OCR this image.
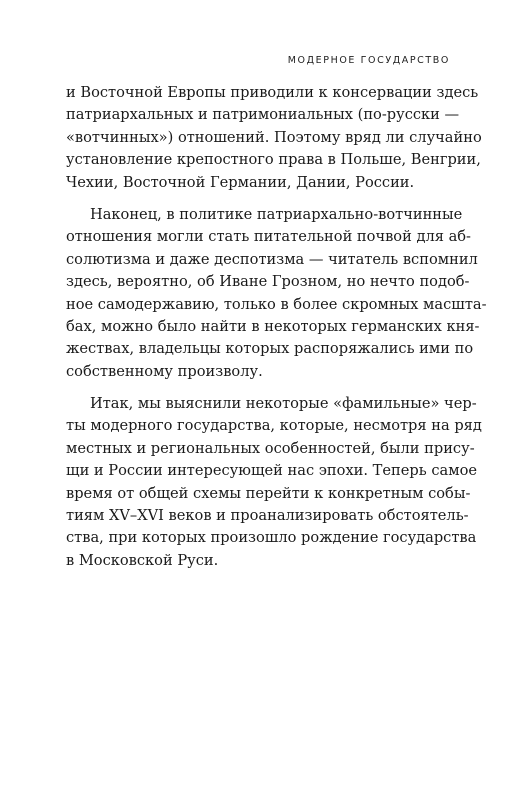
МОДЕРНОЕ ГОСУДАРСТВО
и Восточной Европы приводили к консервации здесь
патриархальных и патримониальных (по-русски —
«вотчинных») отношений. Поэтому вряд ли случайно
установление крепостного права в Польше, Венгрии,
Чехии, Восточной Германии, Дании, России.
Наконец, в политике патриархально-вотчинные
отношения могли стать питательной почвой для аб-
солютизма и даже деспотизма — читатель вспомнил
здесь, вероятно, об Иване Грозном, но нечто подоб-
ное самодержавию, только в более скромных масшта-
бах, можно было найти в некоторых германских кня-
жествах, владельцы которых распоряжались ими по
собственному произволу.
Итак, мы выяснили некоторые «фамильные» чер-
ты модерного государства, которые, несмотря на ряд
местных и региональных особенностей, были прису-
щи и России интересующей нас эпохи. Теперь самое
время от общей схемы перейти к конкретным собы-
тиям XV–XVI веков и проанализировать обстоятель-
ства, при которых произошло рождение государства
в Московской Руси.
